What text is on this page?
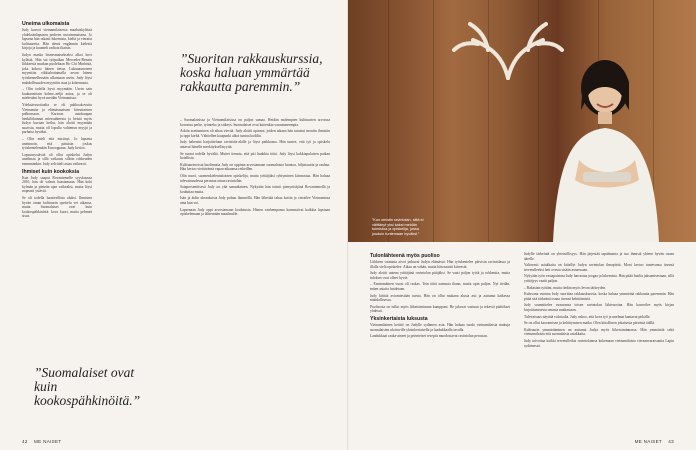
Uneima ulkomaista

Judy kasvoi vietnamilaisessa maalaiskylässä yhdeksänlapsisen perheen nuorimmaisena. Jo lapsena hän rakasti lukemista, kieliä ja vieraita kulttuureita. Hän alensi englannin kielestä kirjoja ja kuunteli radiota iltaisin.

Judyn maska bisnesmaisekseksi alkoi hovi kylästä. Hän sai työpaikan Mercedes-Benzin liikkeestä mutkan puoleltaan Ho Chi Minhistä, joka kokosi hänen tietoa. Lukuaaunoteen myyntiiin vikkiahottamalla arvan hänen työskennellessään ulkomaan usein, Judy löysi mahdollisuuden myyntiin osaa ja kokemusta.

– Olin todella hyvä myymään. Usein sain kuukausittain kolme–neljä autoa, ja se oli mielestäni hyvä meidän Vietnamissa.

Ydeksäsvuotiaalta se oli pakkoakovuttu Vietnamiin ja elämäsmaisten hiivuttaisten palkonsaan. Kartoon autokaupan henkilökunnat miessuhteesta ja heistä myös Judyn kuvaan heilui, hän aloitti myymään suurista, mutta oli lopulta valttenun myyjä ja parhaita hyväksi.

– Olin mieli että mirtinyt. Jo lapsena uneinnoin, että pääsisin joskus työskentelemään Eurooppaan, Judy kertoo.

Lapsuusystävää oli ollut opiskelut Judyn uneilmaa ja sillä vaikutus silloin rohkeuden enemmänkin. Judy selvitteli asiaa vaikeasti.

Ihmiset kuin kookoksia

Kun Judy saapui Rovaniemelle syyskuussa 2016, hän oli valmis haastamaan. Hän koki kylmän ja pimeän ajan vaikeaksi, mutta löysi nopeasti ystäviä.

Se oli todella haasteellista aluksi. Ihmisten hyvän oman kulttuurin opettelu vei aikansa, mutta Suomalaiset ovat kuin kookospähkinöitä: kova kuori, mutta pehmeä sisus.

”Suoritan rakkauskurssia, koska haluan ymmärtää rakkautta paremmin.”

– Suomalaisissa ja Vietnamilaisissa on paljon samaa. Heidän molempien kulttuurien arvoissa korostuu perhe, työnteko ja sitkeys. Suomalaiset ovat kuitenkin varautuneempia.

Arkiin asettuminen oli aikaa vievää. Judy aloitti opinnot, joiden aikana hän tutustui moniin ihmisiin ja oppi kieltä. Vähitellen kaupunki alkoi tuntua kodilta.

Judy hakeutui harjoitteluun ravintola-alalle ja löysi paikkansa. Hän tuntee, että työ ja opiskelu antavat hänelle merkityksellisyyttä.

Se tuntui todella hyvältä. Muttei tienatu, että piti hankkia töitä. Judy löysi kokkiapulaisen paikan hotellista.

Kulttuurieroista huolimatta Judy on oppinut arvostamaan suomalaista luontoa, hiljaisuutta ja rauhaa. Hän kertoo viettävänsä vapaa-aikaansa retkeillen.

Olin nuori, suomenkielentaitoinen opiskelija, mutta yrittäjäksi ryhtyminen kiinnostaa. Hän haluaa tulevaisuudessa perustaa oman ravintolan.

Sataprosenttisesti Judy on yhä samanlainen. Nykyään hän toimii pienyrittäjänä Rovaniemellä ja kouluttaa muita.

Isän ja äidin uhrauksista Judy puhuu lämmöllä. Hän lähettää rahaa kotiin ja vierailee Vietnamissa aina kun voi.

Lapsenaan Judy oppi arvostamaan koulutusta. Hänen vanhempansa kannustivat kaikkia lapsiaan opiskelemaan ja lähtemään maailmalle.

”Suomalaiset ovat kuin kookospähkinöitä.”
42 ME NAISET
”Kun omistin ravintolan, siitä ei väittänyt yksi kaksi meidän toimistoa ja opiskelija, jossa jouduin tuntemaan hyväksi.”
Tulonlähteenä myös puoliso

Liikkeen toiminta aivot jatkuvat Judyn elämässä. Hän työskentelee päivisin ravintolassa ja illalla vielä opiskelee. Aikaa on vähän, mutta hän nauttii kiireestä.

Judy aloitti uutena yrittäjänä ravintolan pitäjäksi. Se vaati paljon työtä ja rohkeutta, mutta tulokset ovat olleet hyviä.

– Ensimmäinen vuosi oli raskas. Tein töitä aamusta iltaan, mutta opin paljon. Nyt tiedän, miten asioita hoidetaan.

Judy kiittää aviomiestään tuesta. Hän on ollut mukana alusta asti ja auttanut kaikessa mahdollisessa.

Puolisosta on tullut myös liiketoiminnan kumppani. He jakavat vastuun ja tekevät päätökset yhdessä.

Yksinkertaista luksusta

Vietnamilainen keittiö on Judylle sydämen asia. Hän haluaa tuoda vietnamilaisia makuja suomalaisten ulottuville yksinkertaisella ja laadukkaalla tavalla.

Laadukkaat raaka-aineet ja perinteiset reseptit muodostavat ravintolan perustan.

Judylle tärkeintä on yhteisöllisyys. Hän järjestää tapahtumia ja tuo ihmisiä yhteen hyvän ruoan äärelle.

Valtavasti asiakkaita on kiitellyt Judyn ravintolan ilmapiiriä. Moni kertoo tuntevansa itsensä tervetulleeksi heti ovesta sisään astuessaan.

Nykyään työn vastapainona Judy harrastaa joogaa ja lukemista. Hän pitää huolta jaksamisestaan, sillä yrittäjyys vaatii paljon.

– Rakastan työtäni, mutta tiedän myös levon tärkeyden.

Kuluvana vuonna Judy suorittaa rakkauskurssia, koska haluaa ymmärtää rakkautta paremmin. Hän pitää sitä tärkeänä osana itsensä kehittämistä.

Judy suunnittelee avaavansa toisen ravintolan lähivuosina. Hän haaveilee myös kirjan kirjoittamisesta omasta matkastaan.

Tulevaisuus näyttää valoisalta. Judy uskoo, että kova työ ja unelmat kantavat pitkälle.

Se on ollut kasvamisen ja kehittymisen matka. Olen kiitollinen jokaisesta päivästä täällä.

Kulttuurin ymmärtäminen on auttanut Judya myös liiketoiminnassa. Hän ymmärtää sekä vietnamilaisia että suomalaisia asiakkaita.

Judy toivottaa kaikki tervetulleiksi ravintolaansa kokemaan vietnamilaista vieraanvaraisuutta Lapin sydämessä.

ME NAISET 43
